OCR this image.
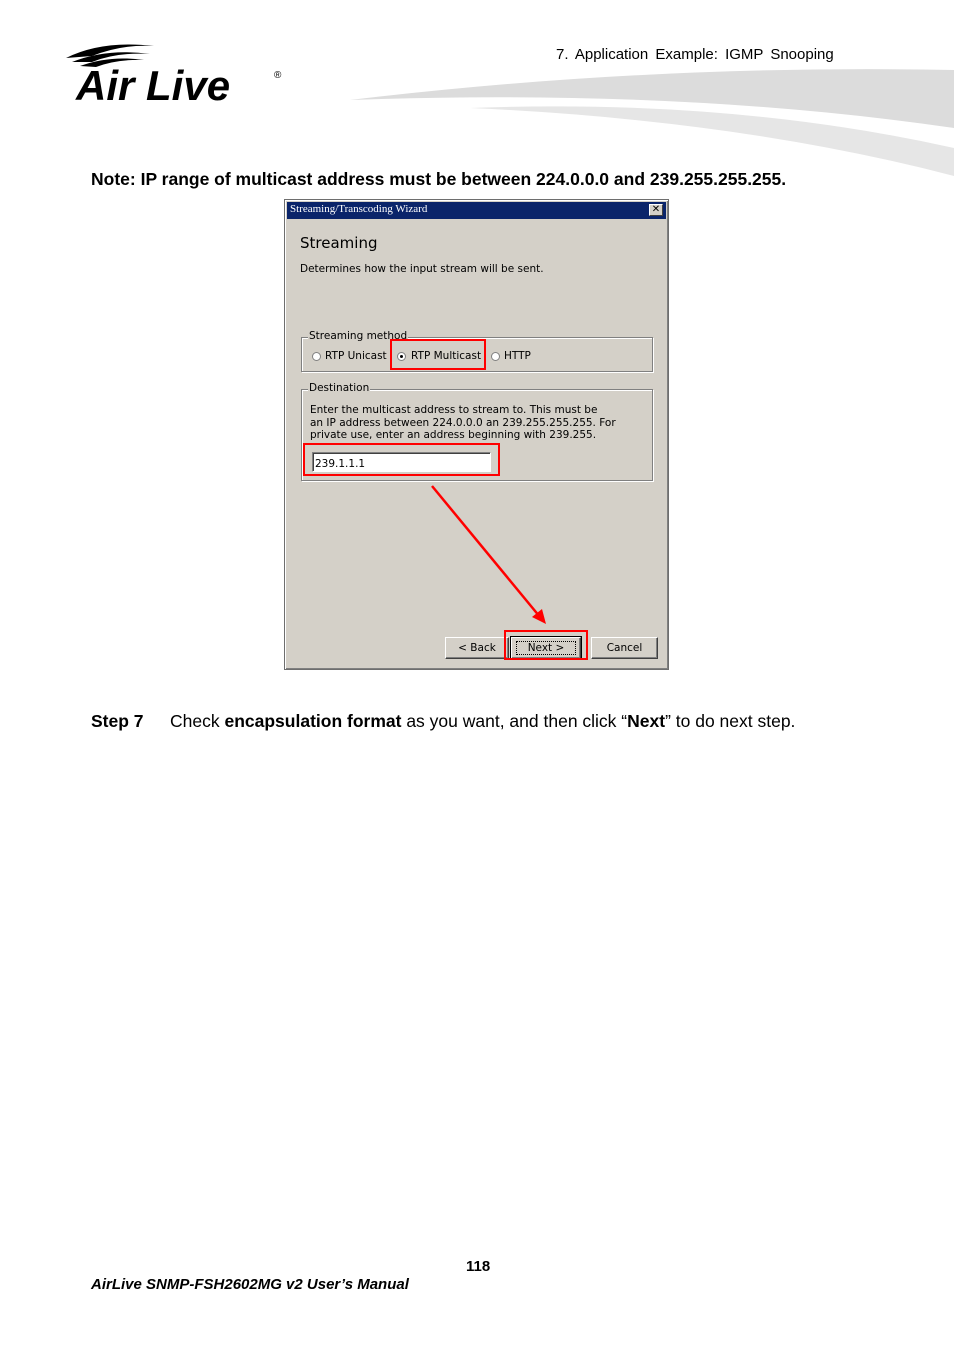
7. Application Example: IGMP Snooping
Air Live	®
Note: IP range of multicast address must be between 224.0.0.0 and 239.255.255.255.
Streaming/Transcoding Wizard	✕
Streaming
Determines how the input stream will be sent.
Streaming method
RTP Unicast RTP Multicast HTTP
Destination
Enter the multicast address to stream to. This must be
an IP address between 224.0.0.0 an 239.255.255.255. For
private use, enter an address beginning with 239.255.
239.1.1.1
< Back	Next >	Cancel
Step 7 Check encapsulation format as you want, and then click “Next” to do next step.
118
AirLive SNMP-FSH2602MG v2 User’s Manual
